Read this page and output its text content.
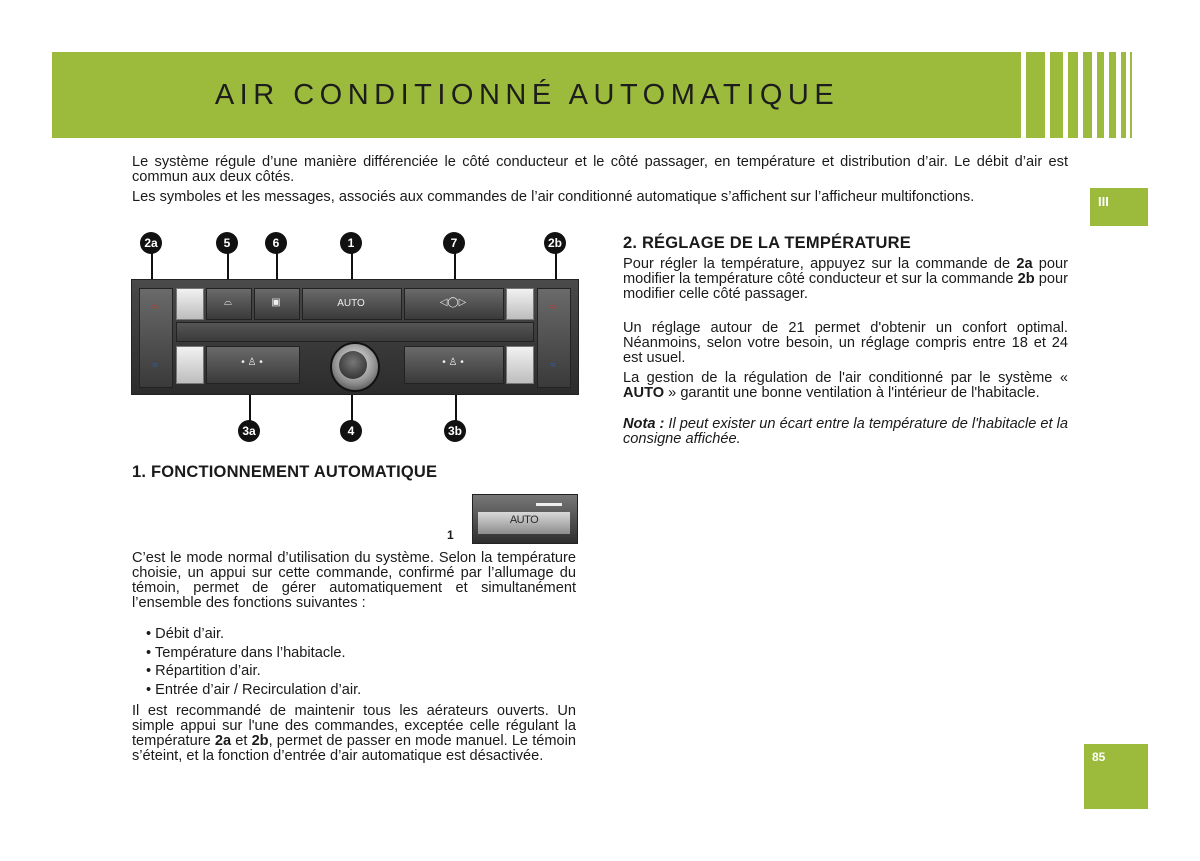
AIR CONDITIONNÉ AUTOMATIQUE
III
85

Le système régule d’une manière différenciée le côté conducteur et le côté passager, en température et distribution d’air. Le débit d’air est commun aux deux côtés.

Les symboles et les messages, associés aux commandes de l’air conditionné automatique s’affichent sur l’afficheur multifonctions.

≈
≈
≈
≈
⌓	▣	AUTO	◁◯▷
• ♙ •	• ♙ •
2a	5	6	1	7	2b
3a	4	3b
1. FONCTIONNEMENT AUTOMATIQUE
AUTO
1

C’est le mode normal d’utilisation du système. Selon la température choisie, un appui sur cette commande, confirmé par l’allumage du témoin, permet de gérer automatiquement et simultanément l’ensemble des fonctions suivantes :

• Débit d’air.

• Température dans l’habitacle.

• Répartition d’air.

• Entrée d’air / Recirculation d’air.

Il est recommandé de maintenir tous les aérateurs ouverts. Un simple appui sur l'une des commandes, exceptée celle régulant la température 2a et 2b, permet de passer en mode manuel. Le témoin s’éteint, et la fonction d’entrée d’air automatique est désactivée.

2. RÉGLAGE DE LA TEMPÉRATURE

Pour régler la température, appuyez sur la commande de 2a pour modifier la température côté conducteur et sur la commande 2b pour modifier celle côté passager.

Un réglage autour de 21 permet d'obtenir un confort optimal. Néanmoins, selon votre besoin, un réglage compris entre 18 et 24 est usuel.

La gestion de la régulation de l'air conditionné par le système « AUTO » garantit une bonne ventilation à l'intérieur de l'habitacle.

Nota : Il peut exister un écart entre la température de l'habitacle et la consigne affichée.
